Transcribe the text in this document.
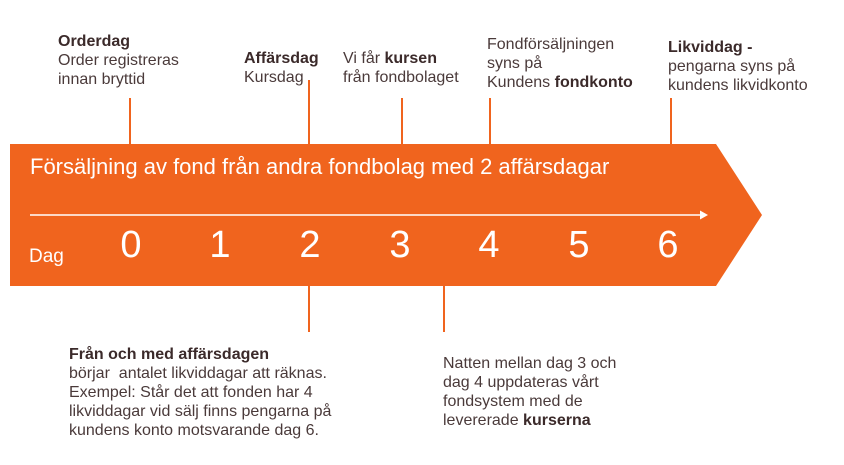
Orderdag
Order registreras
innan bryttid
Affärsdag
Kursdag
Vi får kursen
från fondbolaget
Fondförsäljningen
syns på
Kundens fondkonto
Likviddag -
pengarna syns på
kundens likvidkonto
Försäljning av fond från andra fondbolag med 2 affärsdagar
Dag 0 1 2 3 4 5 6
Från och med affärsdagen
börjar  antalet likviddagar att räknas.
Exempel: Står det att fonden har 4
likviddagar vid sälj finns pengarna på
kundens konto motsvarande dag 6.
Natten mellan dag 3 och
dag 4 uppdateras vårt
fondsystem med de
levererade kurserna
